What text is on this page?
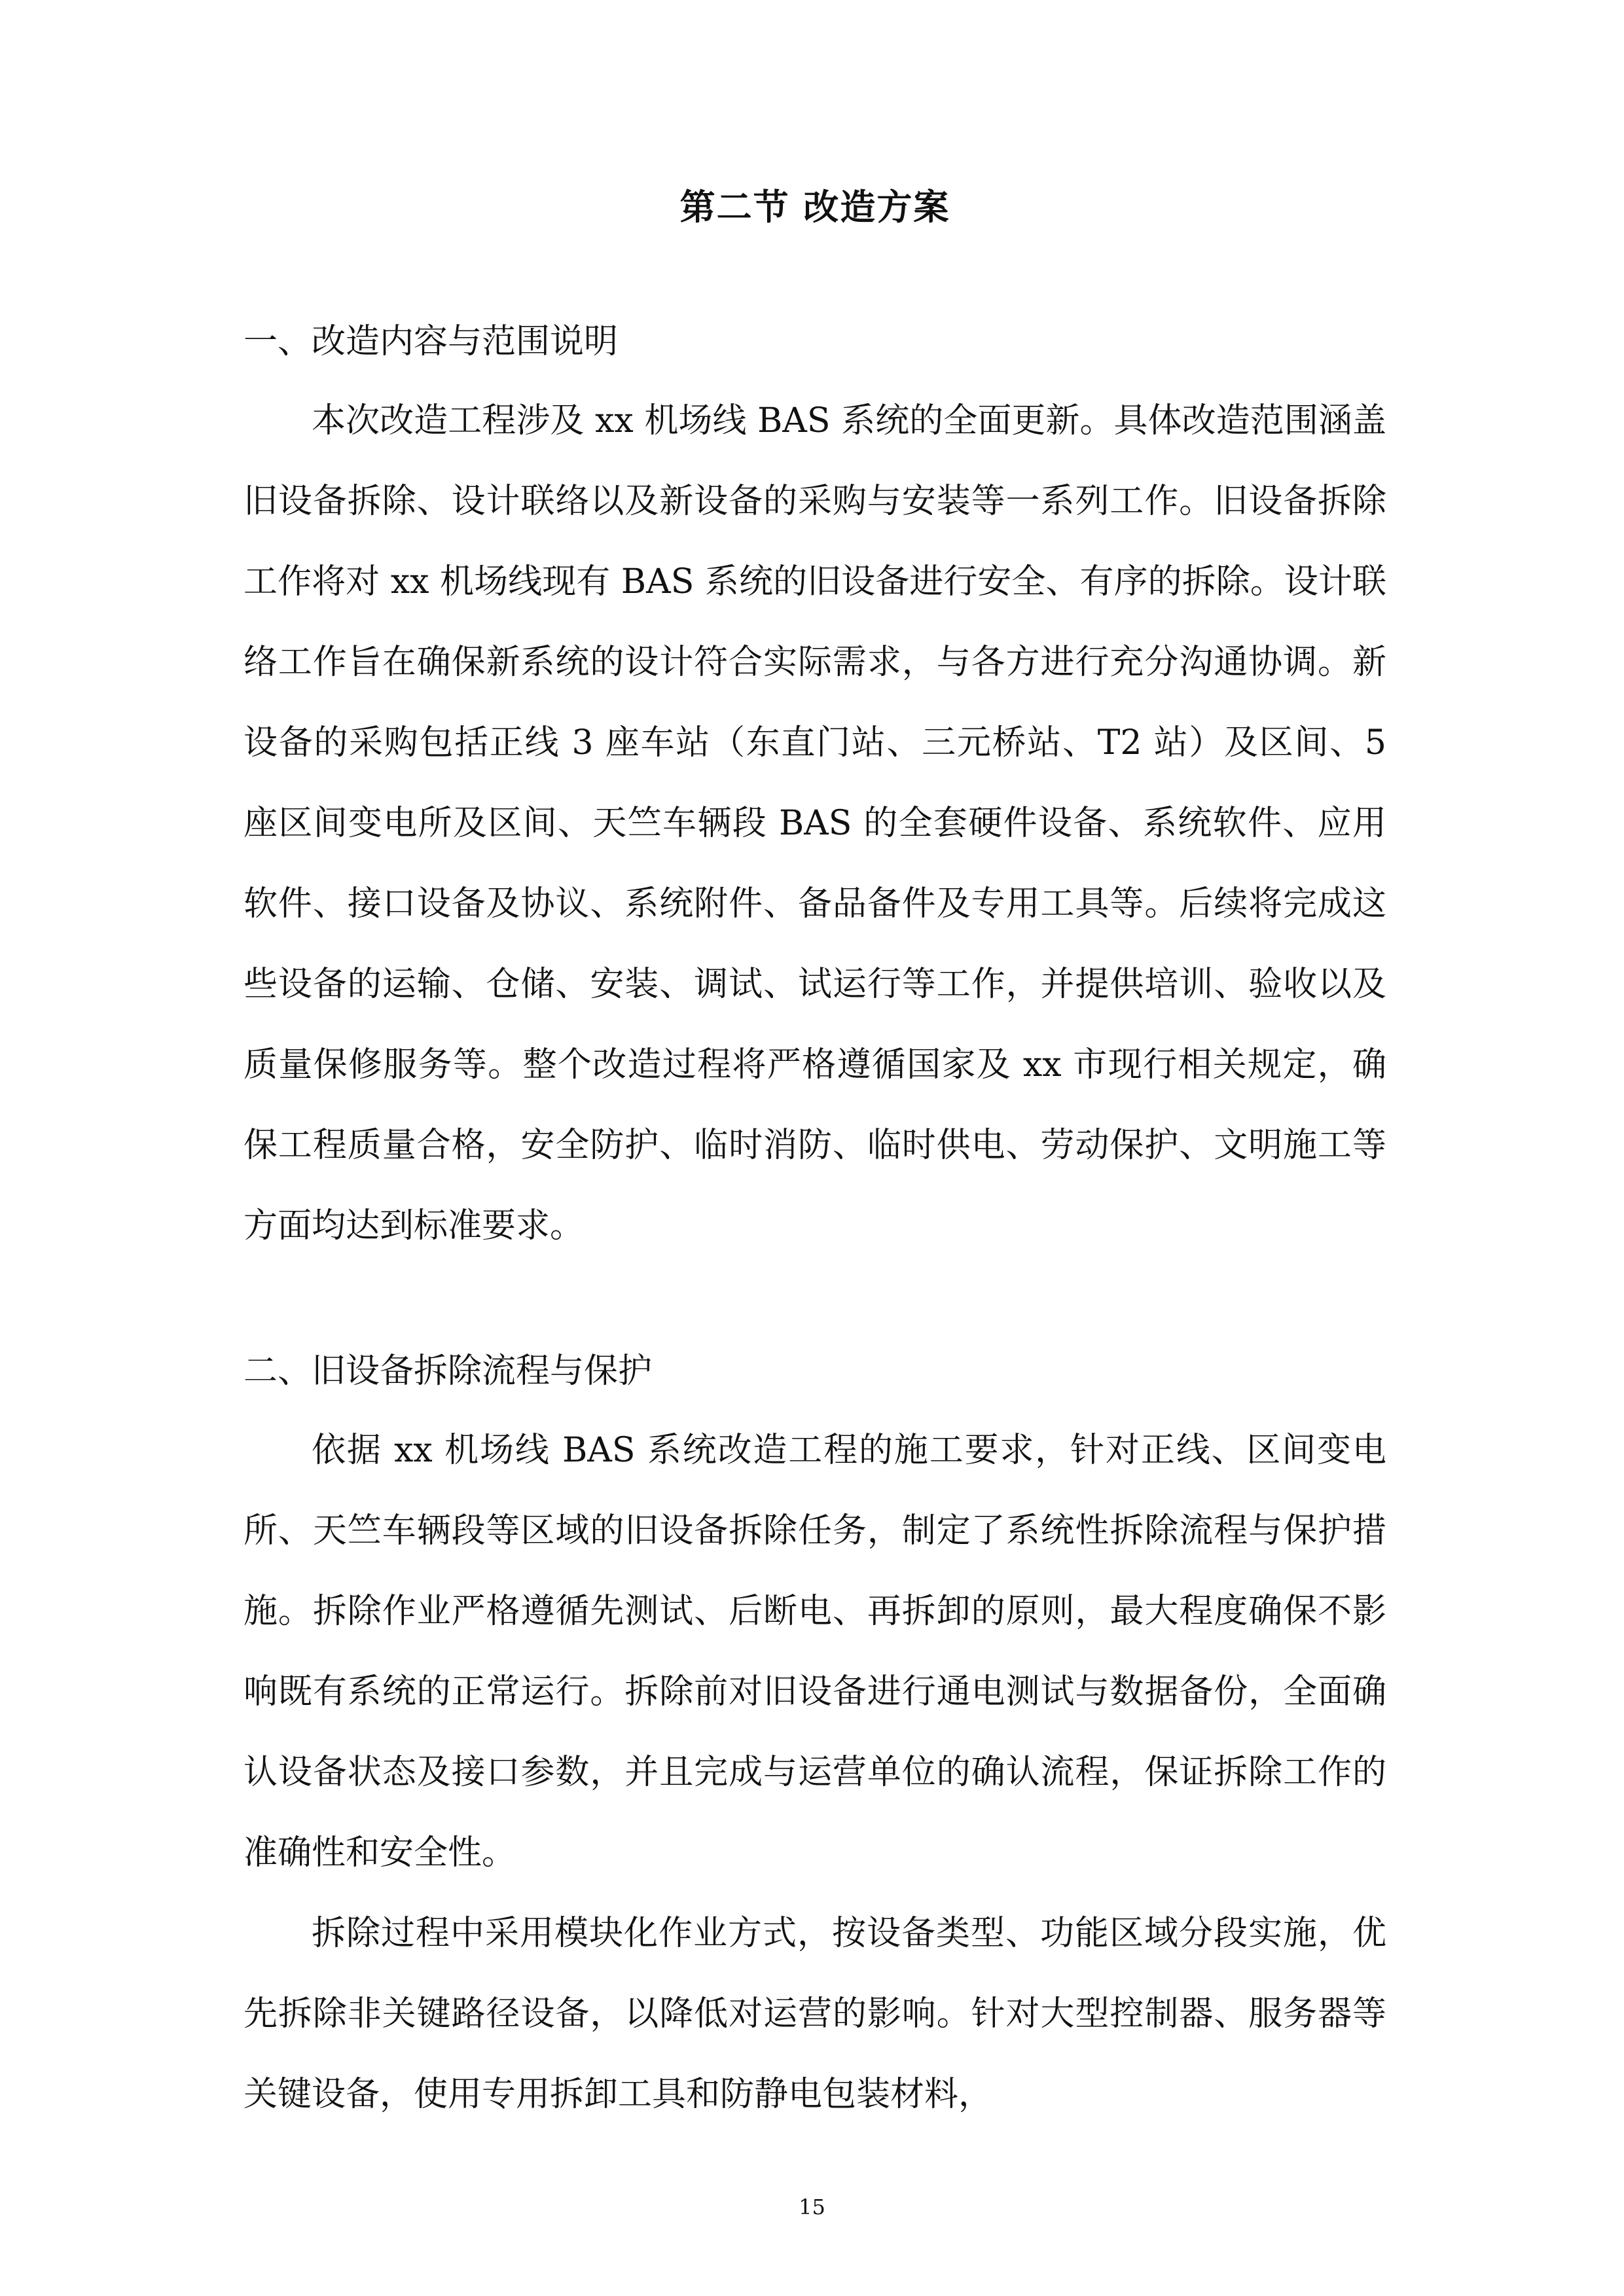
第二节 改造方案
一、改造内容与范围说明

本次改造工程涉及 xx 机场线 BAS 系统的全面更新。具体改造范围涵盖旧设备拆除、设计联络以及新设备的采购与安装等一系列工作。旧设备拆除工作将对 xx 机场线现有 BAS 系统的旧设备进行安全、有序的拆除。设计联络工作旨在确保新系统的设计符合实际需求，与各方进行充分沟通协调。新设备的采购包括正线 3 座车站（东直门站、三元桥站、T2 站）及区间、5 座区间变电所及区间、天竺车辆段 BAS 的全套硬件设备、系统软件、应用软件、接口设备及协议、系统附件、备品备件及专用工具等。后续将完成这些设备的运输、仓储、安装、调试、试运行等工作，并提供培训、验收以及质量保修服务等。整个改造过程将严格遵循国家及 xx 市现行相关规定，确保工程质量合格，安全防护、临时消防、临时供电、劳动保护、文明施工等方面均达到标准要求。

二、旧设备拆除流程与保护

依据 xx 机场线 BAS 系统改造工程的施工要求，针对正线、区间变电所、天竺车辆段等区域的旧设备拆除任务，制定了系统性拆除流程与保护措施。拆除作业严格遵循先测试、后断电、再拆卸的原则，最大程度确保不影响既有系统的正常运行。拆除前对旧设备进行通电测试与数据备份，全面确认设备状态及接口参数，并且完成与运营单位的确认流程，保证拆除工作的准确性和安全性。

拆除过程中采用模块化作业方式，按设备类型、功能区域分段实施，优先拆除非关键路径设备，以降低对运营的影响。针对大型控制器、服务器等关键设备，使用专用拆卸工具和防静电包装材料，

15
